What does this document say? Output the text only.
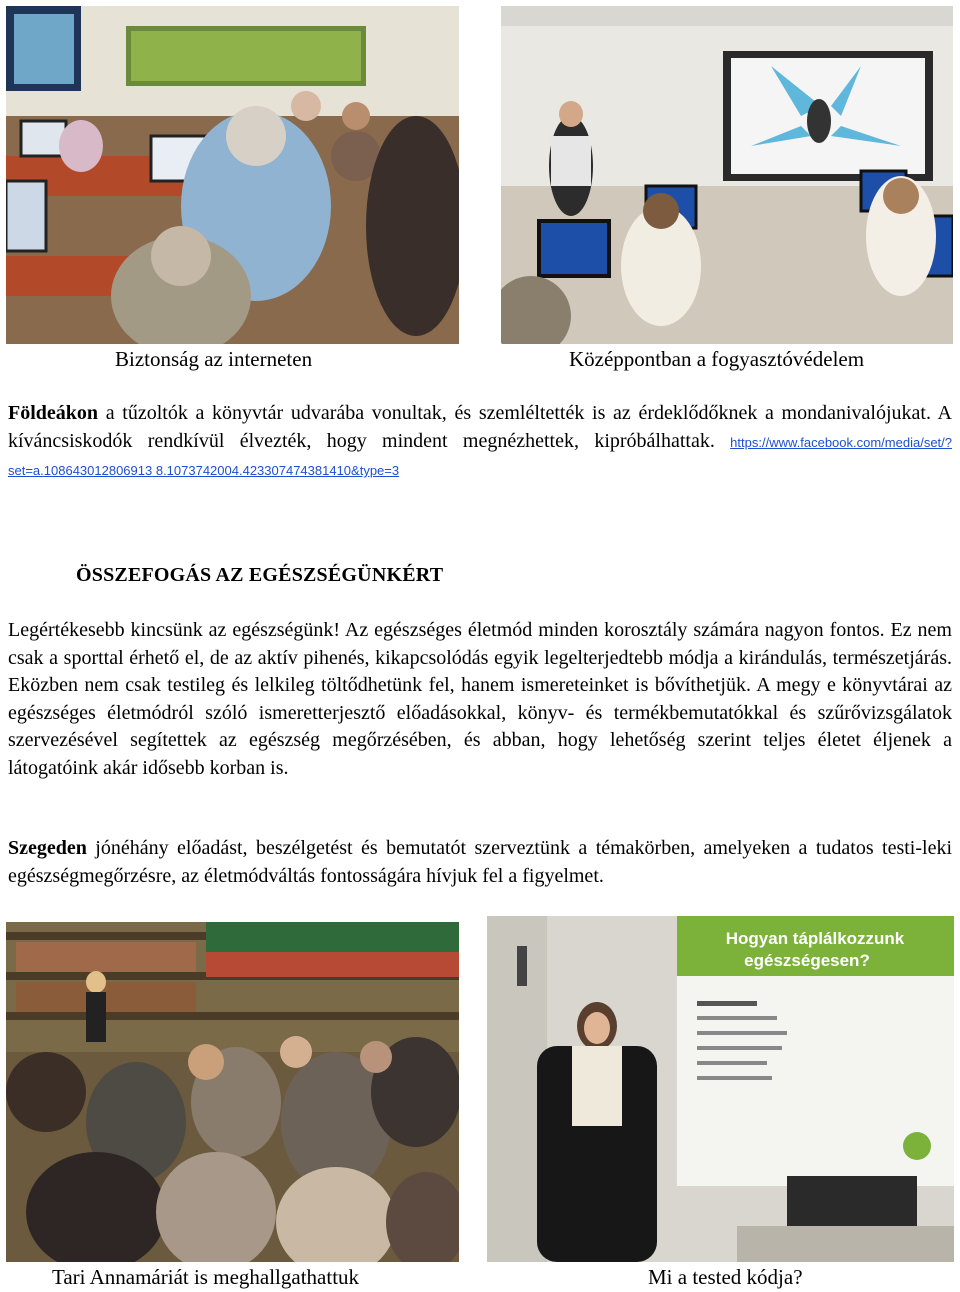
Biztonság az interneten	Középpontban a fogyasztóvédelem
Földeákon a tűzoltók a könyvtár udvarába vonultak, és szemléltették is az érdeklődőknek a mondanivalójukat. A kíváncsiskodók rendkívül élvezték, hogy mindent megnézhettek, kipróbálhattak. https://www.facebook.com/media/set/?set=a.108643012806913 8.1073742004.423307474381410&type=3
ÖSSZEFOGÁS AZ EGÉSZSÉGÜNKÉRT
Legértékesebb kincsünk az egészségünk! Az egészséges életmód minden korosztály számára nagyon fontos. Ez nem csak a sporttal érhető el, de az aktív pihenés, kikapcsolódás egyik legelterjedtebb módja a kirándulás, természetjárás. Eközben nem csak testileg és lelkileg töltődhetünk fel, hanem ismereteinket is bővíthetjük. A megy e könyvtárai az egészséges életmódról szóló ismeretterjesztő előadásokkal, könyv- és termékbemutatókkal és szűrővizsgálatok szervezésével segítettek az egészség megőrzésében, és abban, hogy lehetőség szerint teljes életet éljenek a látogatóink akár idősebb korban is.
Szegeden jónéhány előadást, beszélgetést és bemutatót szerveztünk a témakörben, amelyeken a tudatos testi-leki egészségmegőrzésre, az életmódváltás fontosságára hívjuk fel a figyelmet.
Hogyan táplálkozzunk
egészségesen?
Tari Annamáriát is meghallgathattuk	Mi a tested kódja?
